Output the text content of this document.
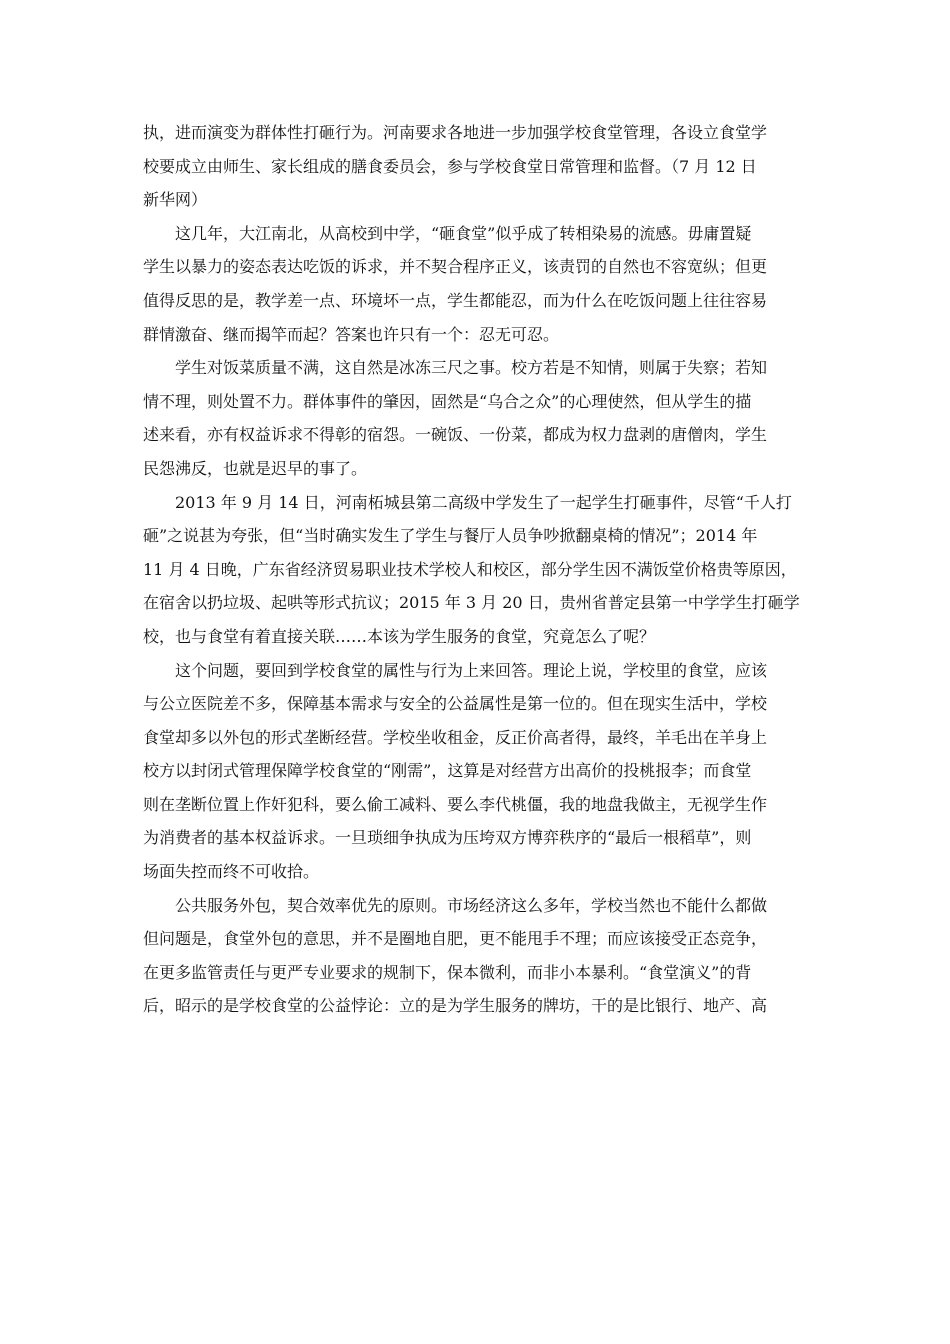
执，进而演变为群体性打砸行为。河南要求各地进一步加强学校食堂管理，各设立食堂学
校要成立由师生、家长组成的膳食委员会，参与学校食堂日常管理和监督。（7 月 12 日
新华网）

这几年，大江南北，从高校到中学，“砸食堂”似乎成了转相染易的流感。毋庸置疑
学生以暴力的姿态表达吃饭的诉求，并不契合程序正义，该责罚的自然也不容宽纵；但更
值得反思的是，教学差一点、环境坏一点，学生都能忍，而为什么在吃饭问题上往往容易
群情激奋、继而揭竿而起？答案也许只有一个：忍无可忍。

学生对饭菜质量不满，这自然是冰冻三尺之事。校方若是不知情，则属于失察；若知
情不理，则处置不力。群体事件的肇因，固然是“乌合之众”的心理使然，但从学生的描
述来看，亦有权益诉求不得彰的宿怨。一碗饭、一份菜，都成为权力盘剥的唐僧肉，学生
民怨沸反，也就是迟早的事了。

2013 年 9 月 14 日，河南柘城县第二高级中学发生了一起学生打砸事件，尽管“千人打
砸”之说甚为夸张，但“当时确实发生了学生与餐厅人员争吵掀翻桌椅的情况”；2014 年
11 月 4 日晚，广东省经济贸易职业技术学校人和校区，部分学生因不满饭堂价格贵等原因，
在宿舍以扔垃圾、起哄等形式抗议；2015 年 3 月 20 日，贵州省普定县第一中学学生打砸学
校，也与食堂有着直接关联……本该为学生服务的食堂，究竟怎么了呢？

这个问题，要回到学校食堂的属性与行为上来回答。理论上说，学校里的食堂，应该
与公立医院差不多，保障基本需求与安全的公益属性是第一位的。但在现实生活中，学校
食堂却多以外包的形式垄断经营。学校坐收租金，反正价高者得，最终，羊毛出在羊身上
校方以封闭式管理保障学校食堂的“刚需”，这算是对经营方出高价的投桃报李；而食堂
则在垄断位置上作奸犯科，要么偷工减料、要么李代桃僵，我的地盘我做主，无视学生作
为消费者的基本权益诉求。一旦琐细争执成为压垮双方博弈秩序的“最后一根稻草”，则
场面失控而终不可收拾。

公共服务外包，契合效率优先的原则。市场经济这么多年，学校当然也不能什么都做
但问题是，食堂外包的意思，并不是圈地自肥，更不能甩手不理；而应该接受正态竞争，
在更多监管责任与更严专业要求的规制下，保本微利，而非小本暴利。“食堂演义”的背
后，昭示的是学校食堂的公益悖论：立的是为学生服务的牌坊，干的是比银行、地产、高
